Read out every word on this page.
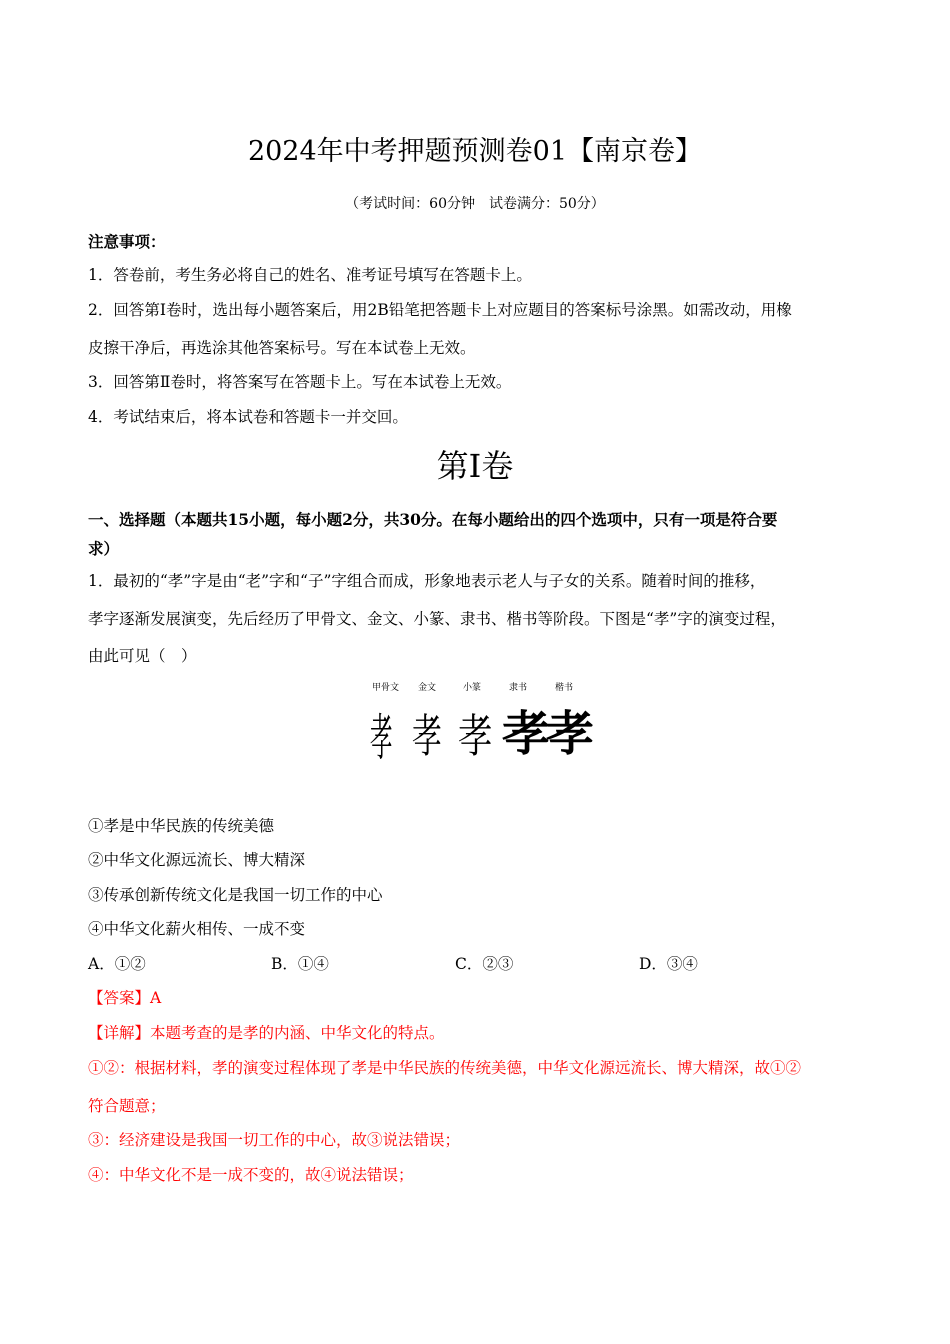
2024年中考押题预测卷01【南京卷】
（考试时间：60分钟　试卷满分：50分）
注意事项：
1．答卷前，考生务必将自己的姓名、准考证号填写在答题卡上。
2．回答第Ⅰ卷时，选出每小题答案后，用2B铅笔把答题卡上对应题目的答案标号涂黑。如需改动，用橡
皮擦干净后，再选涂其他答案标号。写在本试卷上无效。
3．回答第Ⅱ卷时，将答案写在答题卡上。写在本试卷上无效。
4．考试结束后，将本试卷和答题卡一并交回。
第Ⅰ卷
一、选择题（本题共15小题，每小题2分，共30分。在每小题给出的四个选项中，只有一项是符合要
求）
1．最初的“孝”字是由“老”字和“子”字组合而成，形象地表示老人与子女的关系。随着时间的推移，
孝字逐渐发展演变，先后经历了甲骨文、金文、小篆、隶书、楷书等阶段。下图是“孝”字的演变过程，
由此可见（　）
甲骨文 金文	小篆	隶书	楷书
孝 孝 孝 孝
孝
①孝是中华民族的传统美德
②中华文化源远流长、博大精深
③传承创新传统文化是我国一切工作的中心
④中华文化薪火相传、一成不变
A．①②	B．①④	C．②③	D．③④
【答案】A
【详解】本题考查的是孝的内涵、中华文化的特点。
①②：根据材料，孝的演变过程体现了孝是中华民族的传统美德，中华文化源远流长、博大精深，故①②
符合题意；
③：经济建设是我国一切工作的中心，故③说法错误；
④：中华文化不是一成不变的，故④说法错误；
